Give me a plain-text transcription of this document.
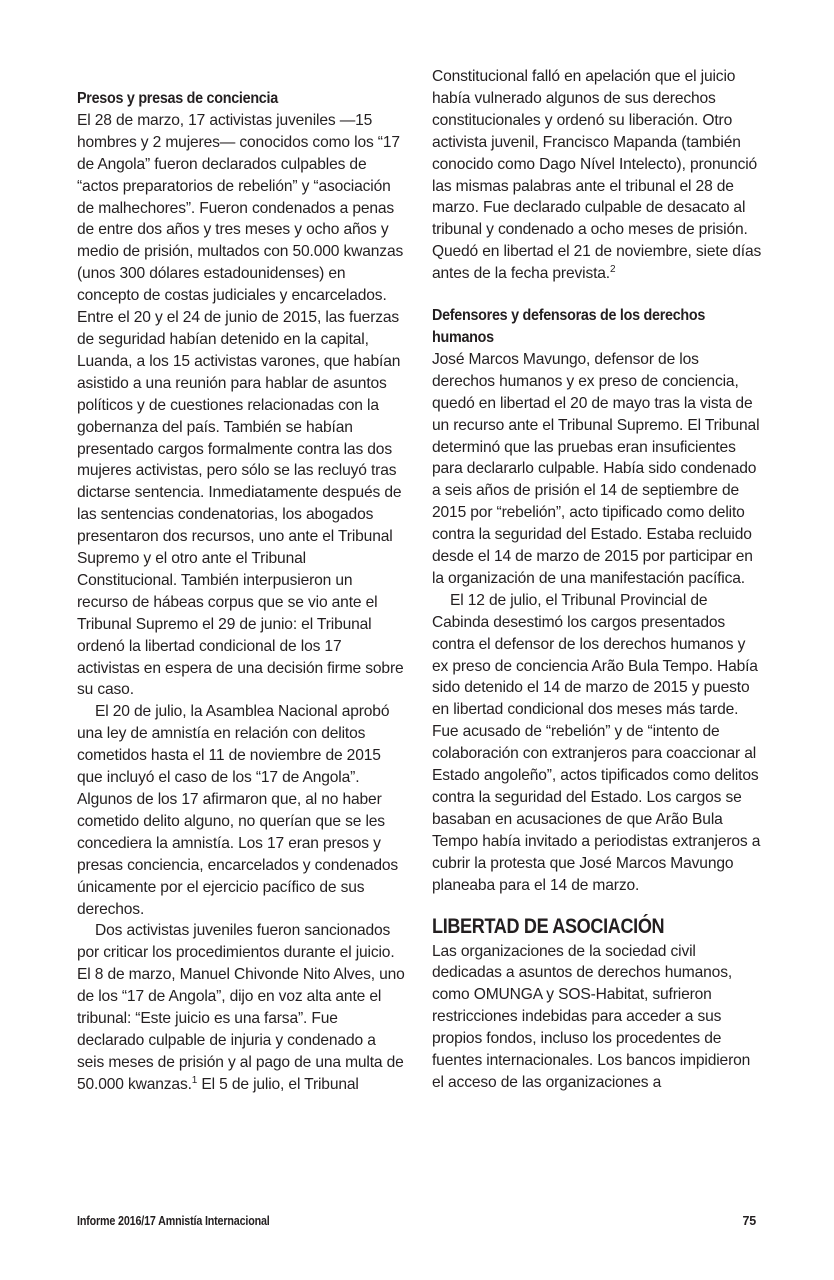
Presos y presas de conciencia

El 28 de marzo, 17 activistas juveniles —15 hombres y 2 mujeres— conocidos como los “17 de Angola” fueron declarados culpables de “actos preparatorios de rebelión” y “asociación de malhechores”. Fueron condenados a penas de entre dos años y tres meses y ocho años y medio de prisión, multados con 50.000 kwanzas (unos 300 dólares estadounidenses) en concepto de costas judiciales y encarcelados. Entre el 20 y el 24 de junio de 2015, las fuerzas de seguridad habían detenido en la capital, Luanda, a los 15 activistas varones, que habían asistido a una reunión para hablar de asuntos políticos y de cuestiones relacionadas con la gobernanza del país. También se habían presentado cargos formalmente contra las dos mujeres activistas, pero sólo se las recluyó tras dictarse sentencia. Inmediatamente después de las sentencias condenatorias, los abogados presentaron dos recursos, uno ante el Tribunal Supremo y el otro ante el Tribunal Constitucional. También interpusieron un recurso de hábeas corpus que se vio ante el Tribunal Supremo el 29 de junio: el Tribunal ordenó la libertad condicional de los 17 activistas en espera de una decisión firme sobre su caso.

El 20 de julio, la Asamblea Nacional aprobó una ley de amnistía en relación con delitos cometidos hasta el 11 de noviembre de 2015 que incluyó el caso de los “17 de Angola”. Algunos de los 17 afirmaron que, al no haber cometido delito alguno, no querían que se les concediera la amnistía. Los 17 eran presos y presas conciencia, encarcelados y condenados únicamente por el ejercicio pacífico de sus derechos.

Dos activistas juveniles fueron sancionados por criticar los procedimientos durante el juicio. El 8 de marzo, Manuel Chivonde Nito Alves, uno de los “17 de Angola”, dijo en voz alta ante el tribunal: “Este juicio es una farsa”. Fue declarado culpable de injuria y condenado a seis meses de prisión y al pago de una multa de 50.000 kwanzas.$^1$ El 5 de julio, el Tribunal

Constitucional falló en apelación que el juicio había vulnerado algunos de sus derechos constitucionales y ordenó su liberación. Otro activista juvenil, Francisco Mapanda (también conocido como Dago Nível Intelecto), pronunció las mismas palabras ante el tribunal el 28 de marzo. Fue declarado culpable de desacato al tribunal y condenado a ocho meses de prisión. Quedó en libertad el 21 de noviembre, siete días antes de la fecha prevista.$^2$

Defensores y defensoras de los derechos humanos

José Marcos Mavungo, defensor de los derechos humanos y ex preso de conciencia, quedó en libertad el 20 de mayo tras la vista de un recurso ante el Tribunal Supremo. El Tribunal determinó que las pruebas eran insuficientes para declararlo culpable. Había sido condenado a seis años de prisión el 14 de septiembre de 2015 por “rebelión”, acto tipificado como delito contra la seguridad del Estado. Estaba recluido desde el 14 de marzo de 2015 por participar en la organización de una manifestación pacífica.

El 12 de julio, el Tribunal Provincial de Cabinda desestimó los cargos presentados contra el defensor de los derechos humanos y ex preso de conciencia Arão Bula Tempo. Había sido detenido el 14 de marzo de 2015 y puesto en libertad condicional dos meses más tarde. Fue acusado de “rebelión” y de “intento de colaboración con extranjeros para coaccionar al Estado angoleño”, actos tipificados como delitos contra la seguridad del Estado. Los cargos se basaban en acusaciones de que Arão Bula Tempo había invitado a periodistas extranjeros a cubrir la protesta que José Marcos Mavungo planeaba para el 14 de marzo.

LIBERTAD DE ASOCIACIÓN

Las organizaciones de la sociedad civil dedicadas a asuntos de derechos humanos, como OMUNGA y SOS-Habitat, sufrieron restricciones indebidas para acceder a sus propios fondos, incluso los procedentes de fuentes internacionales. Los bancos impidieron el acceso de las organizaciones a

Informe 2016/17 Amnistía Internacional	75
